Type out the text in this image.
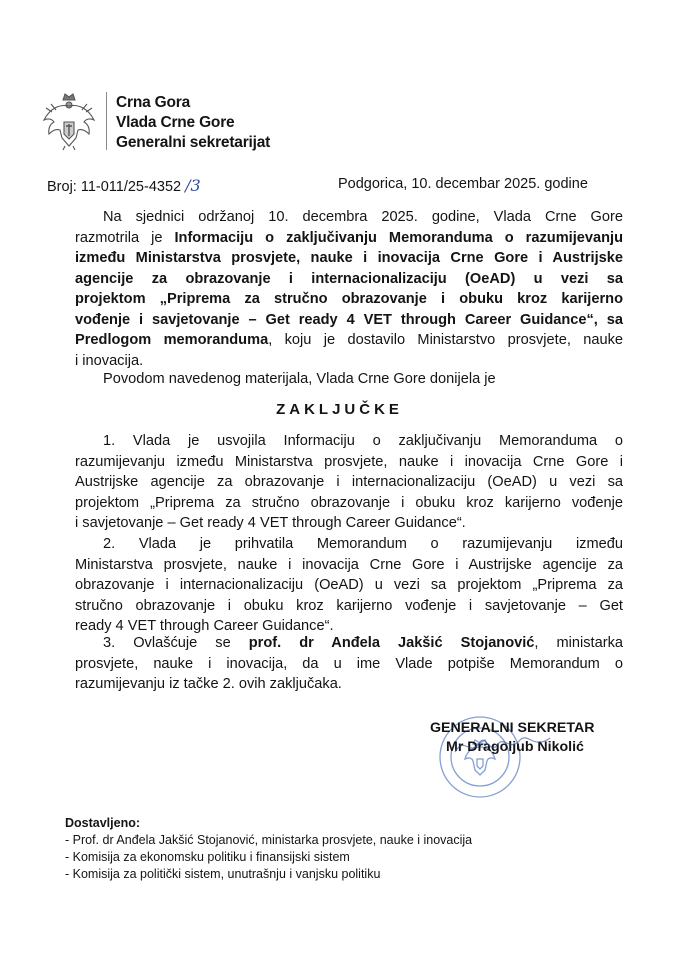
Crna Gora
Vlada Crne Gore
Generalni sekretarijat
Broj: 11-011/25-4352 /3	Podgorica, 10. decembar 2025. godine
Na sjednici održanoj 10. decembra 2025. godine, Vlada Crne Gore
razmotrila je Informaciju o zaključivanju Memoranduma o razumijevanju
između Ministarstva prosvjete, nauke i inovacija Crne Gore i Austrijske
agencije za obrazovanje i internacionalizaciju (OeAD) u vezi sa
projektom „Priprema za stručno obrazovanje i obuku kroz karijerno
vođenje i savjetovanje – Get ready 4 VET through Career Guidance“, sa
Predlogom memoranduma, koju je dostavilo Ministarstvo prosvjete, nauke
i inovacija.
Povodom navedenog materijala, Vlada Crne Gore donijela je
ZAKLJUČKE
1. Vlada je usvojila Informaciju o zaključivanju Memoranduma o
razumijevanju između Ministarstva prosvjete, nauke i inovacija Crne Gore i
Austrijske agencije za obrazovanje i internacionalizaciju (OeAD) u vezi sa
projektom „Priprema za stručno obrazovanje i obuku kroz karijerno vođenje
i savjetovanje – Get ready 4 VET through Career Guidance“.
2. Vlada je prihvatila Memorandum o razumijevanju između
Ministarstva prosvjete, nauke i inovacija Crne Gore i Austrijske agencije za
obrazovanje i internacionalizaciju (OeAD) u vezi sa projektom „Priprema za
stručno obrazovanje i obuku kroz karijerno vođenje i savjetovanje – Get
ready 4 VET through Career Guidance“.
3. Ovlašćuje se prof. dr Anđela Jakšić Stojanović, ministarka
prosvjete, nauke i inovacija, da u ime Vlade potpiše Memorandum o
razumijevanju iz tačke 2. ovih zaključaka.
GENERALNI SEKRETAR
Mr Dragoljub Nikolić
Dostavljeno:
- Prof. dr Anđela Jakšić Stojanović, ministarka prosvjete, nauke i inovacija
- Komisija za ekonomsku politiku i finansijski sistem
- Komisija za politički sistem, unutrašnju i vanjsku politiku
